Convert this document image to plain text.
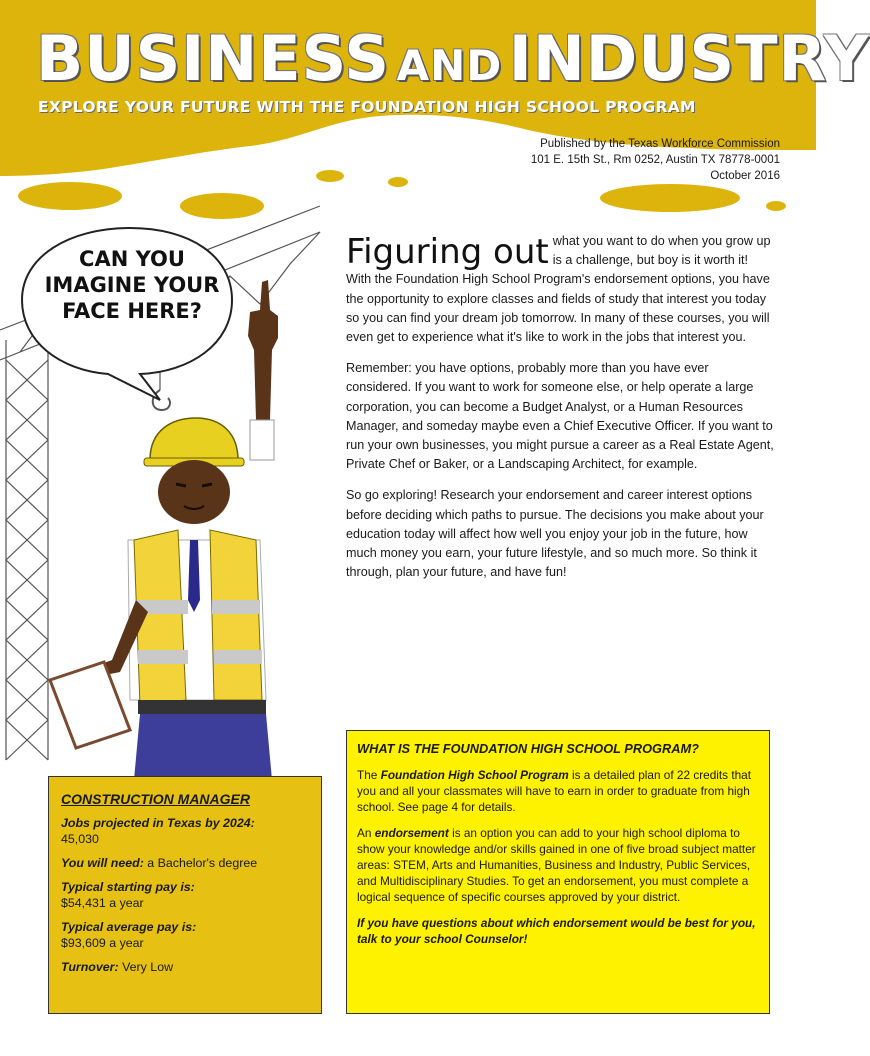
BUSINESS AND INDUSTRY
EXPLORE YOUR FUTURE WITH THE FOUNDATION HIGH SCHOOL PROGRAM
Published by the Texas Workforce Commission
101 E. 15th St., Rm 0252, Austin TX 78778-0001
October 2016
CAN YOU IMAGINE YOUR FACE HERE?

Figuring out what you want to do when you grow up is a challenge, but boy is it worth it! With the Foundation High School Program's endorsement options, you have the opportunity to explore classes and fields of study that interest you today so you can find your dream job tomorrow. In many of these courses, you will even get to experience what it's like to work in the jobs that interest you.

Remember: you have options, probably more than you have ever considered. If you want to work for someone else, or help operate a large corporation, you can become a Budget Analyst, or a Human Resources Manager, and someday maybe even a Chief Executive Officer. If you want to run your own businesses, you might pursue a career as a Real Estate Agent, Private Chef or Baker, or a Landscaping Architect, for example.

So go exploring! Research your endorsement and career interest options before deciding which paths to pursue. The decisions you make about your education today will affect how well you enjoy your job in the future, how much money you earn, your future lifestyle, and so much more. So think it through, plan your future, and have fun!

CONSTRUCTION MANAGER
Jobs projected in Texas by 2024:
45,030
You will need: a Bachelor's degree
Typical starting pay is:
$54,431 a year
Typical average pay is:
$93,609 a year
Turnover: Very Low
WHAT IS THE FOUNDATION HIGH SCHOOL PROGRAM?

The Foundation High School Program is a detailed plan of 22 credits that you and all your classmates will have to earn in order to graduate from high school. See page 4 for details.

An endorsement is an option you can add to your high school diploma to show your knowledge and/or skills gained in one of five broad subject matter areas: STEM, Arts and Humanities, Business and Industry, Public Services, and Multidisciplinary Studies. To get an endorsement, you must complete a logical sequence of specific courses approved by your district.

If you have questions about which endorsement would be best for you, talk to your school Counselor!
